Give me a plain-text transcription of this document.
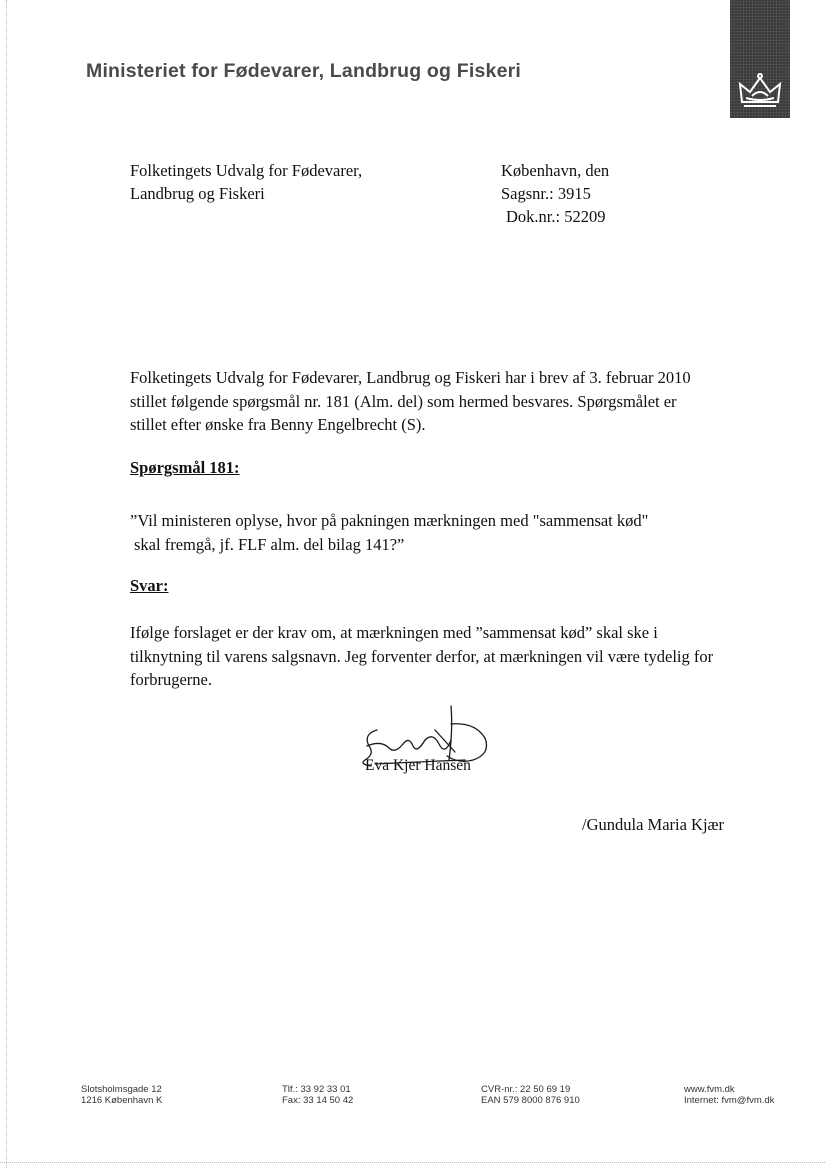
Ministeriet for Fødevarer, Landbrug og Fiskeri
Folketingets Udvalg for Fødevarer,
Landbrug og Fiskeri
København, den
Sagsnr.: 3915
Dok.nr.: 52209
Folketingets Udvalg for Fødevarer, Landbrug og Fiskeri har i brev af 3. februar 2010
stillet følgende spørgsmål nr. 181 (Alm. del) som hermed besvares. Spørgsmålet er
stillet efter ønske fra Benny Engelbrecht (S).
Spørgsmål 181:
”Vil ministeren oplyse, hvor på pakningen mærkningen med "sammensat kød"
skal fremgå, jf. FLF alm. del bilag 141?”
Svar:
Ifølge forslaget er der krav om, at mærkningen med ”sammensat kød” skal ske i
tilknytning til varens salgsnavn. Jeg forventer derfor, at mærkningen vil være tydelig for
forbrugerne.
Eva Kjer Hansen
/Gundula Maria Kjær
Slotsholmsgade 12
1216 København K
Tlf.: 33 92 33 01
Fax: 33 14 50 42
CVR-nr.: 22 50 69 19
EAN 579 8000 876 910
www.fvm.dk
Internet: fvm@fvm.dk
